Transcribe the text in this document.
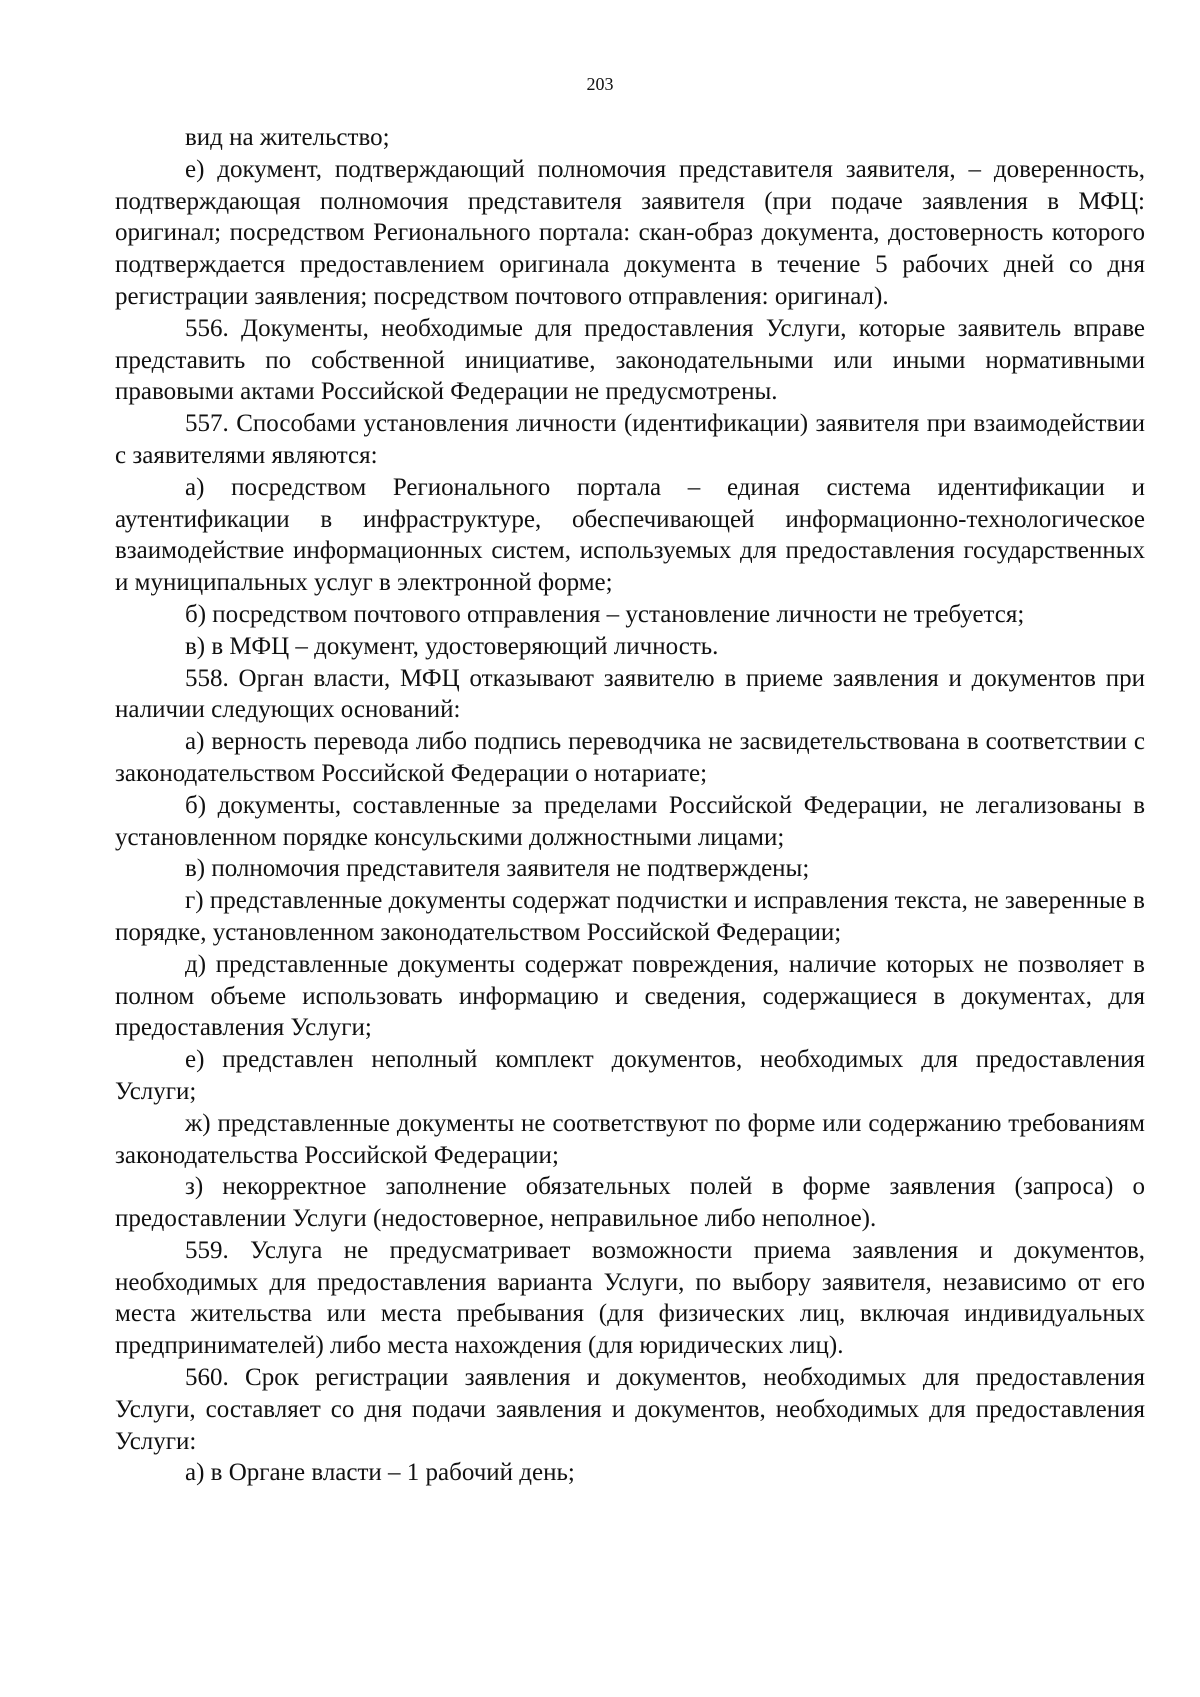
203

вид на жительство;

е) документ, подтверждающий полномочия представителя заявителя, – доверенность, подтверждающая полномочия представителя заявителя (при подаче заявления в МФЦ: оригинал; посредством Регионального портала: скан-образ документа, достоверность которого подтверждается предоставлением оригинала документа в течение 5 рабочих дней со дня регистрации заявления; посредством почтового отправления: оригинал).

556. Документы, необходимые для предоставления Услуги, которые заявитель вправе представить по собственной инициативе, законодательными или иными нормативными правовыми актами Российской Федерации не предусмотрены.

557. Способами установления личности (идентификации) заявителя при взаимодействии с заявителями являются:

а) посредством Регионального портала – единая система идентификации и аутентификации в инфраструктуре, обеспечивающей информационно-технологическое взаимодействие информационных систем, используемых для предоставления государственных и муниципальных услуг в электронной форме;

б) посредством почтового отправления – установление личности не требуется;

в) в МФЦ – документ, удостоверяющий личность.

558. Орган власти, МФЦ отказывают заявителю в приеме заявления и документов при наличии следующих оснований:

а) верность перевода либо подпись переводчика не засвидетельствована в соответствии с законодательством Российской Федерации о нотариате;

б) документы, составленные за пределами Российской Федерации, не легализованы в установленном порядке консульскими должностными лицами;

в) полномочия представителя заявителя не подтверждены;

г) представленные документы содержат подчистки и исправления текста, не заверенные в порядке, установленном законодательством Российской Федерации;

д) представленные документы содержат повреждения, наличие которых не позволяет в полном объеме использовать информацию и сведения, содержащиеся в документах, для предоставления Услуги;

е) представлен неполный комплект документов, необходимых для предоставления Услуги;

ж) представленные документы не соответствуют по форме или содержанию требованиям законодательства Российской Федерации;

з) некорректное заполнение обязательных полей в форме заявления (запроса) о предоставлении Услуги (недостоверное, неправильное либо неполное).

559. Услуга не предусматривает возможности приема заявления и документов, необходимых для предоставления варианта Услуги, по выбору заявителя, независимо от его места жительства или места пребывания (для физических лиц, включая индивидуальных предпринимателей) либо места нахождения (для юридических лиц).

560. Срок регистрации заявления и документов, необходимых для предоставления Услуги, составляет со дня подачи заявления и документов, необходимых для предоставления Услуги:

а) в Органе власти – 1 рабочий день;
